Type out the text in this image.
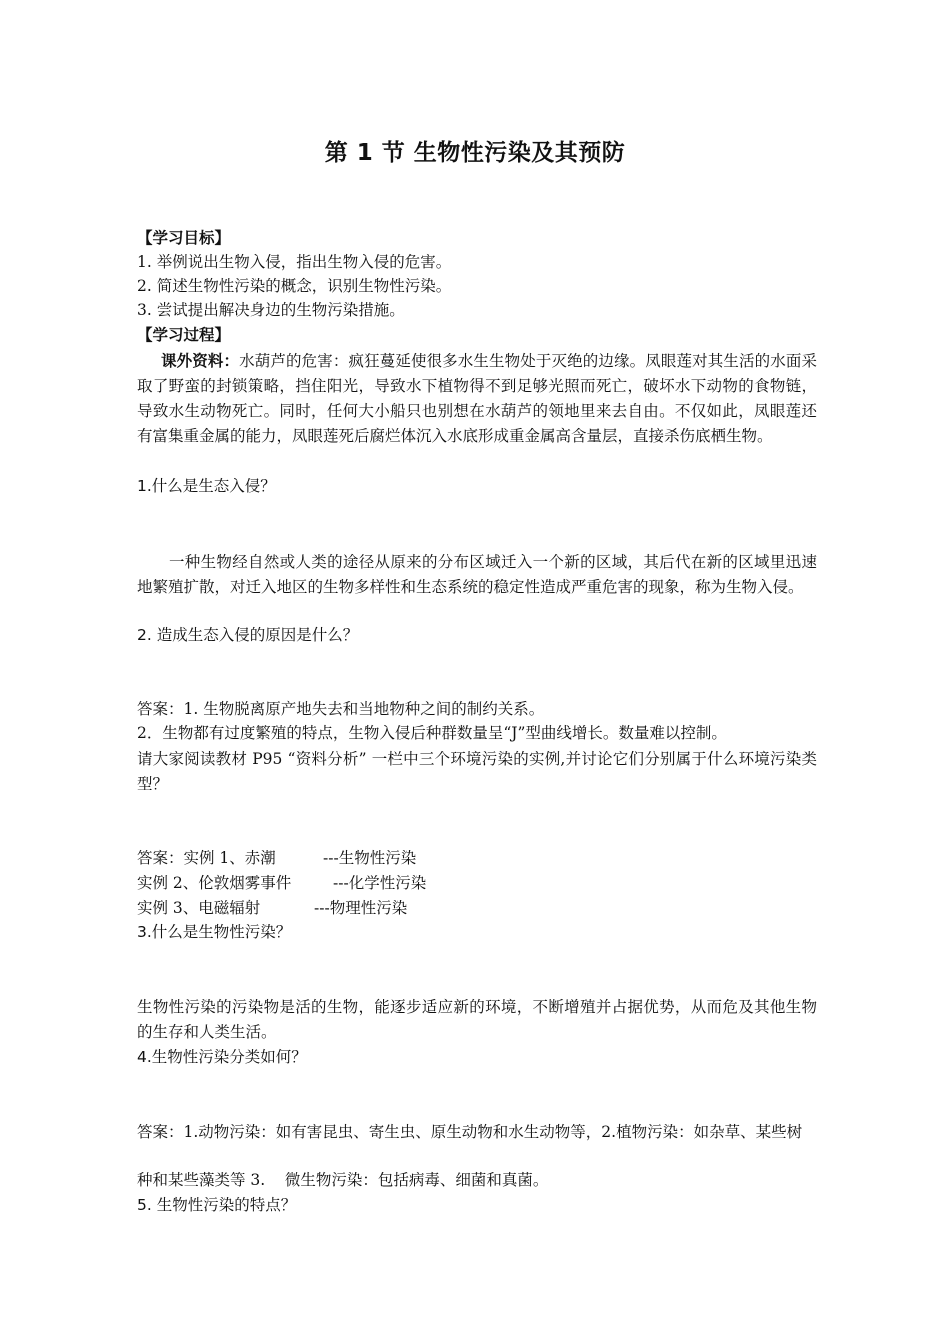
第 1 节 生物性污染及其预防
【学习目标】
1. 举例说出生物入侵，指出生物入侵的危害。
2. 简述生物性污染的概念，识别生物性污染。
3. 尝试提出解决身边的生物污染措施。
【学习过程】
课外资料：水葫芦的危害：疯狂蔓延使很多水生生物处于灭绝的边缘。凤眼莲对其生活的水面采取了野蛮的封锁策略，挡住阳光，导致水下植物得不到足够光照而死亡，破坏水下动物的食物链，导致水生动物死亡。同时，任何大小船只也别想在水葫芦的领地里来去自由。不仅如此，凤眼莲还有富集重金属的能力，凤眼莲死后腐烂体沉入水底形成重金属高含量层，直接杀伤底栖生物。
1.什么是生态入侵？
一种生物经自然或人类的途径从原来的分布区域迁入一个新的区域，其后代在新的区域里迅速地繁殖扩散，对迁入地区的生物多样性和生态系统的稳定性造成严重危害的现象，称为生物入侵。
2. 造成生态入侵的原因是什么？
答案：1. 生物脱离原产地失去和当地物种之间的制约关系。
2．生物都有过度繁殖的特点，生物入侵后种群数量呈“J”型曲线增长。数量难以控制。
请大家阅读教材 P95 “资料分析” 一栏中三个环境污染的实例,并讨论它们分别属于什么环境污染类型？
答案：实例 1、赤潮	---生物性污染
实例 2、伦敦烟雾事件	---化学性污染
实例 3、电磁辐射	---物理性污染
3.什么是生物性污染？
生物性污染的污染物是活的生物，能逐步适应新的环境，不断增殖并占据优势，从而危及其他生物的生存和人类生活。
4.生物性污染分类如何？
答案：1.动物污染：如有害昆虫、寄生虫、原生动物和水生动物等，2.植物污染：如杂草、某些树
种和某些藻类等 3.    微生物污染：包括病毒、细菌和真菌。
5. 生物性污染的特点？
